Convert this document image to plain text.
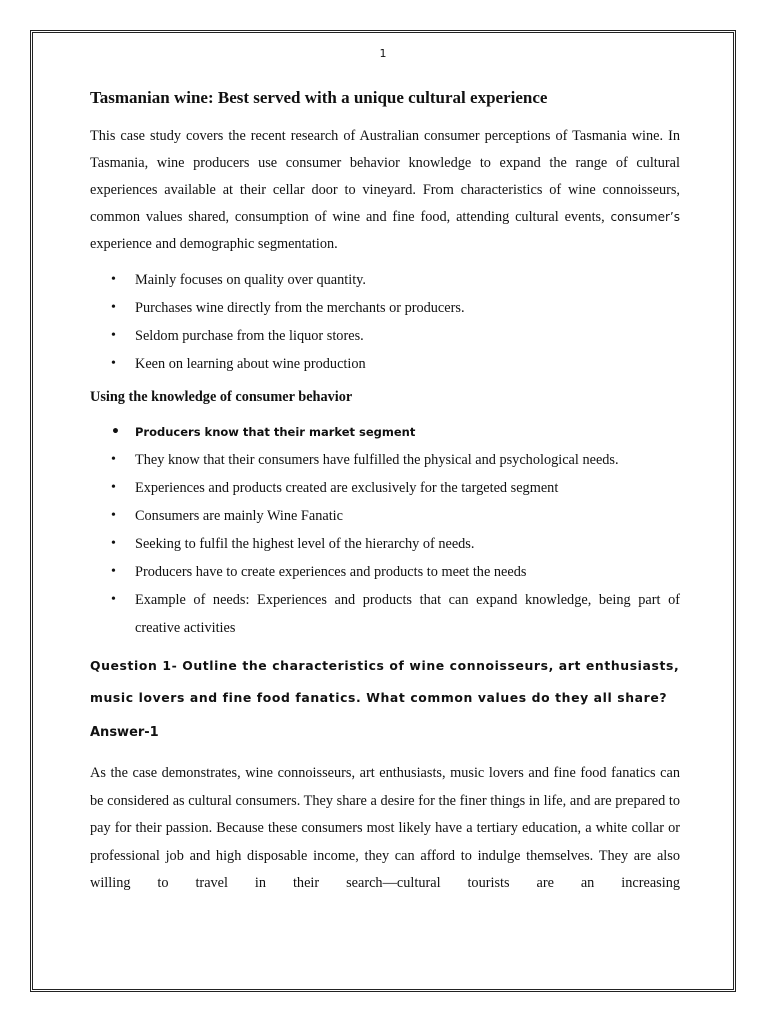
1
Tasmanian wine: Best served with a unique cultural experience

This case study covers the recent research of Australian consumer perceptions of Tasmania wine. In Tasmania, wine producers use consumer behavior knowledge to expand the range of cultural experiences available at their cellar door to vineyard. From characteristics of wine connoisseurs, common values shared, consumption of wine and fine food, attending cultural events, consumer’s experience and demographic segmentation.

• Mainly focuses on quality over quantity.
• Purchases wine directly from the merchants or producers.
• Seldom purchase from the liquor stores.
• Keen on learning about wine production
Using the knowledge of consumer behavior
• Producers know that their market segment
• They know that their consumers have fulfilled the physical and psychological needs.
• Experiences and products created are exclusively for the targeted segment
• Consumers are mainly Wine Fanatic
• Seeking to fulfil the highest level of the hierarchy of needs.
• Producers have to create experiences and products to meet the needs
• Example of needs: Experiences and products that can expand knowledge, being part of creative activities
Question 1- Outline the characteristics of wine connoisseurs, art enthusiasts,
music lovers and fine food fanatics. What common values do they all share?
Answer-1

As the case demonstrates, wine connoisseurs, art enthusiasts, music lovers and fine food fanatics can be considered as cultural consumers. They share a desire for the finer things in life, and are prepared to pay for their passion. Because these consumers most likely have a tertiary education, a white collar or professional job and high disposable income, they can afford to indulge themselves. They are also willing to travel in their search—cultural tourists are an increasing
